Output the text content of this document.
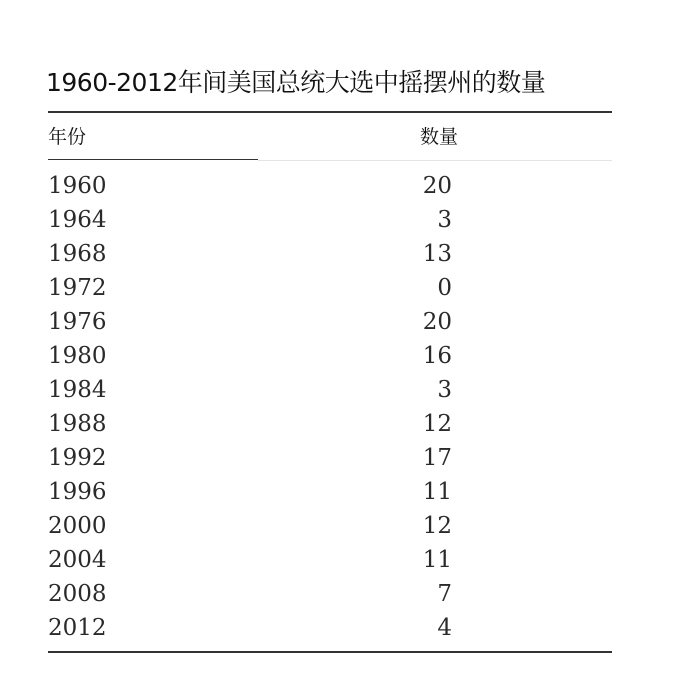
1960-2012年间美国总统大选中摇摆州的数量
年份	数量
1960	20
1964	3
1968	13
1972	0
1976	20
1980	16
1984	3
1988	12
1992	17
1996	11
2000	12
2004	11
2008	7
2012	4
